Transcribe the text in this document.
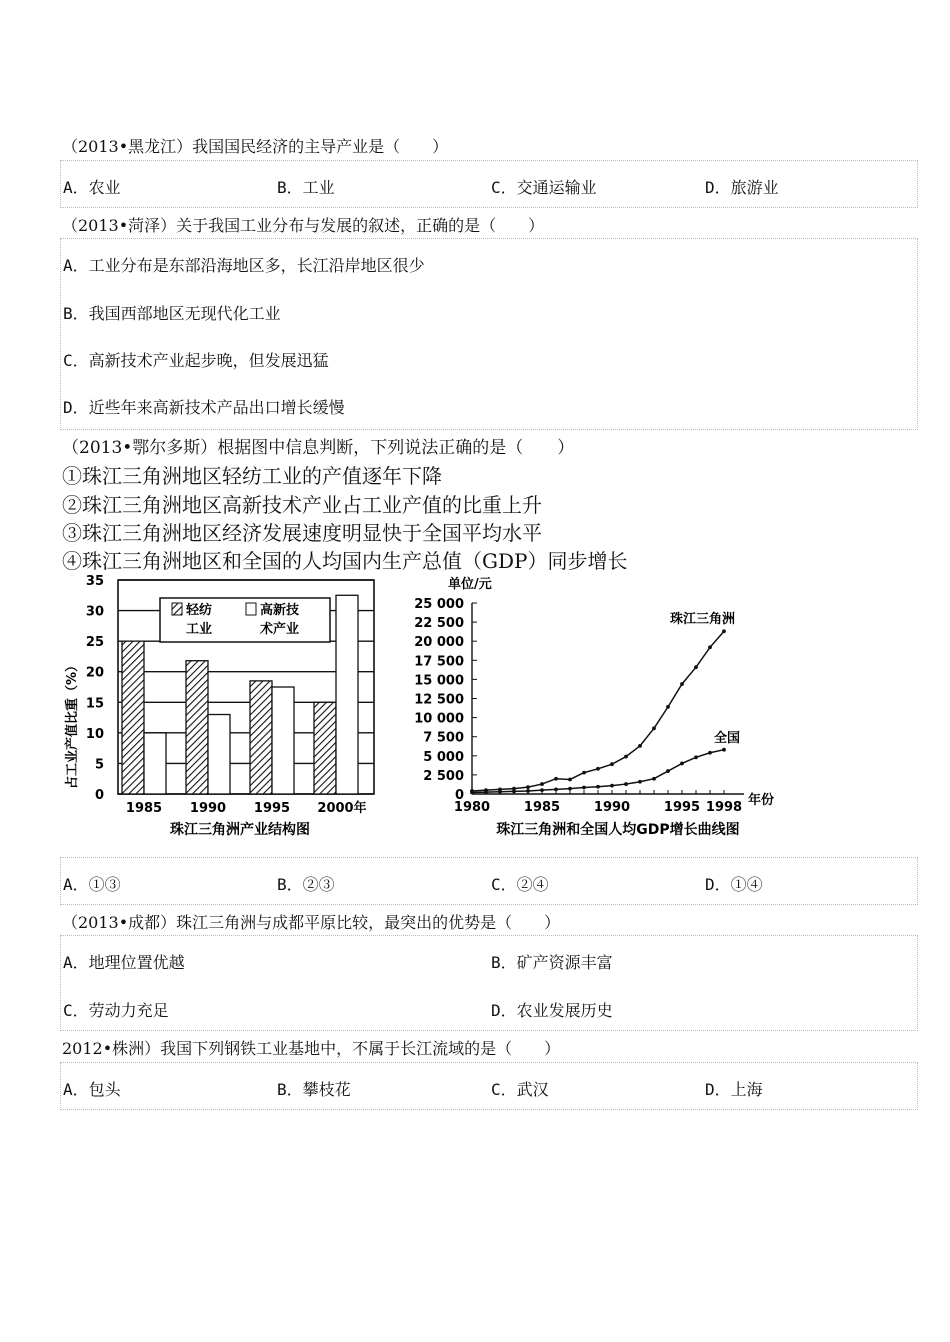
（2013•黑龙江）我国国民经济的主导产业是（　　）
A．农业	B．工业	C．交通运输业	D．旅游业
（2013•菏泽）关于我国工业分布与发展的叙述，正确的是（　　）
A．工业分布是东部沿海地区多，长江沿岸地区很少
B．我国西部地区无现代化工业
C．高新技术产业起步晚，但发展迅猛
D．近些年来高新技术产品出口增长缓慢
（2013•鄂尔多斯）根据图中信息判断，下列说法正确的是（　　）
①珠江三角洲地区轻纺工业的产值逐年下降
②珠江三角洲地区高新技术产业占工业产值的比重上升
③珠江三角洲地区经济发展速度明显快于全国平均水平
④珠江三角洲地区和全国的人均国内生产总值（GDP）同步增长
0
5
10
15
20
25
30
35
1985 1990 1995 2000年
轻纺
工业
高新技
术产业
占工业产值比重（%）
珠江三角洲产业结构图
单位/元
0
2 500
5 000
7 500
10 000
12 500
15 000
17 500
20 000
22 500
25 000
1980	1985	1990	1995 1998 年份
珠江三角洲
全国
珠江三角洲和全国人均GDP增长曲线图
A．①③	B．②③	C．②④	D．①④
（2013•成都）珠江三角洲与成都平原比较，最突出的优势是（　　）
A．地理位置优越	B．矿产资源丰富
C．劳动力充足	D．农业发展历史
2012•株洲）我国下列钢铁工业基地中，不属于长江流域的是（　　）
A．包头	B．攀枝花	C．武汉	D．上海
